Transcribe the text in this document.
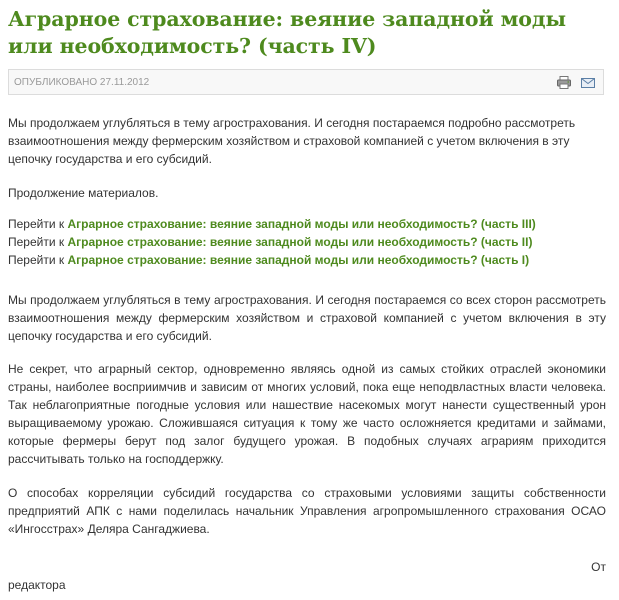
Аграрное страхование: веяние западной моды или необходимость? (часть IV)
ОПУБЛИКОВАНО 27.11.2012

Мы продолжаем углубляться в тему агрострахования. И сегодня постараемся подробно рассмотреть взаимоотношения между фермерским хозяйством и страховой компанией с учетом включения в эту цепочку государства и его субсидий.

Продолжение материалов.

Перейти к Аграрное страхование: веяние западной моды или необходимость? (часть III)
Перейти к Аграрное страхование: веяние западной моды или необходимость? (часть II)
Перейти к Аграрное страхование: веяние западной моды или необходимость? (часть I)

Мы продолжаем углубляться в тему агрострахования. И сегодня постараемся со всех сторон рассмотреть взаимоотношения между фермерским хозяйством и страховой компанией с учетом включения в эту цепочку государства и его субсидий.

Не секрет, что аграрный сектор, одновременно являясь одной из самых стойких отраслей экономики страны, наиболее восприимчив и зависим от многих условий, пока еще неподвластных власти человека. Так неблагоприятные погодные условия или нашествие насекомых могут нанести существенный урон выращиваемому урожаю. Сложившаяся ситуация к тому же часто осложняется кредитами и займами, которые фермеры берут под залог будущего урожая. В подобных случаях аграриям приходится рассчитывать только на господдержку.

О способах корреляции субсидий государства со страховыми условиями защиты собственности предприятий АПК с нами поделилась начальник Управления агропромышленного страхования ОСАО «Ингосстрах» Деляра Сангаджиева.

От
редактора
